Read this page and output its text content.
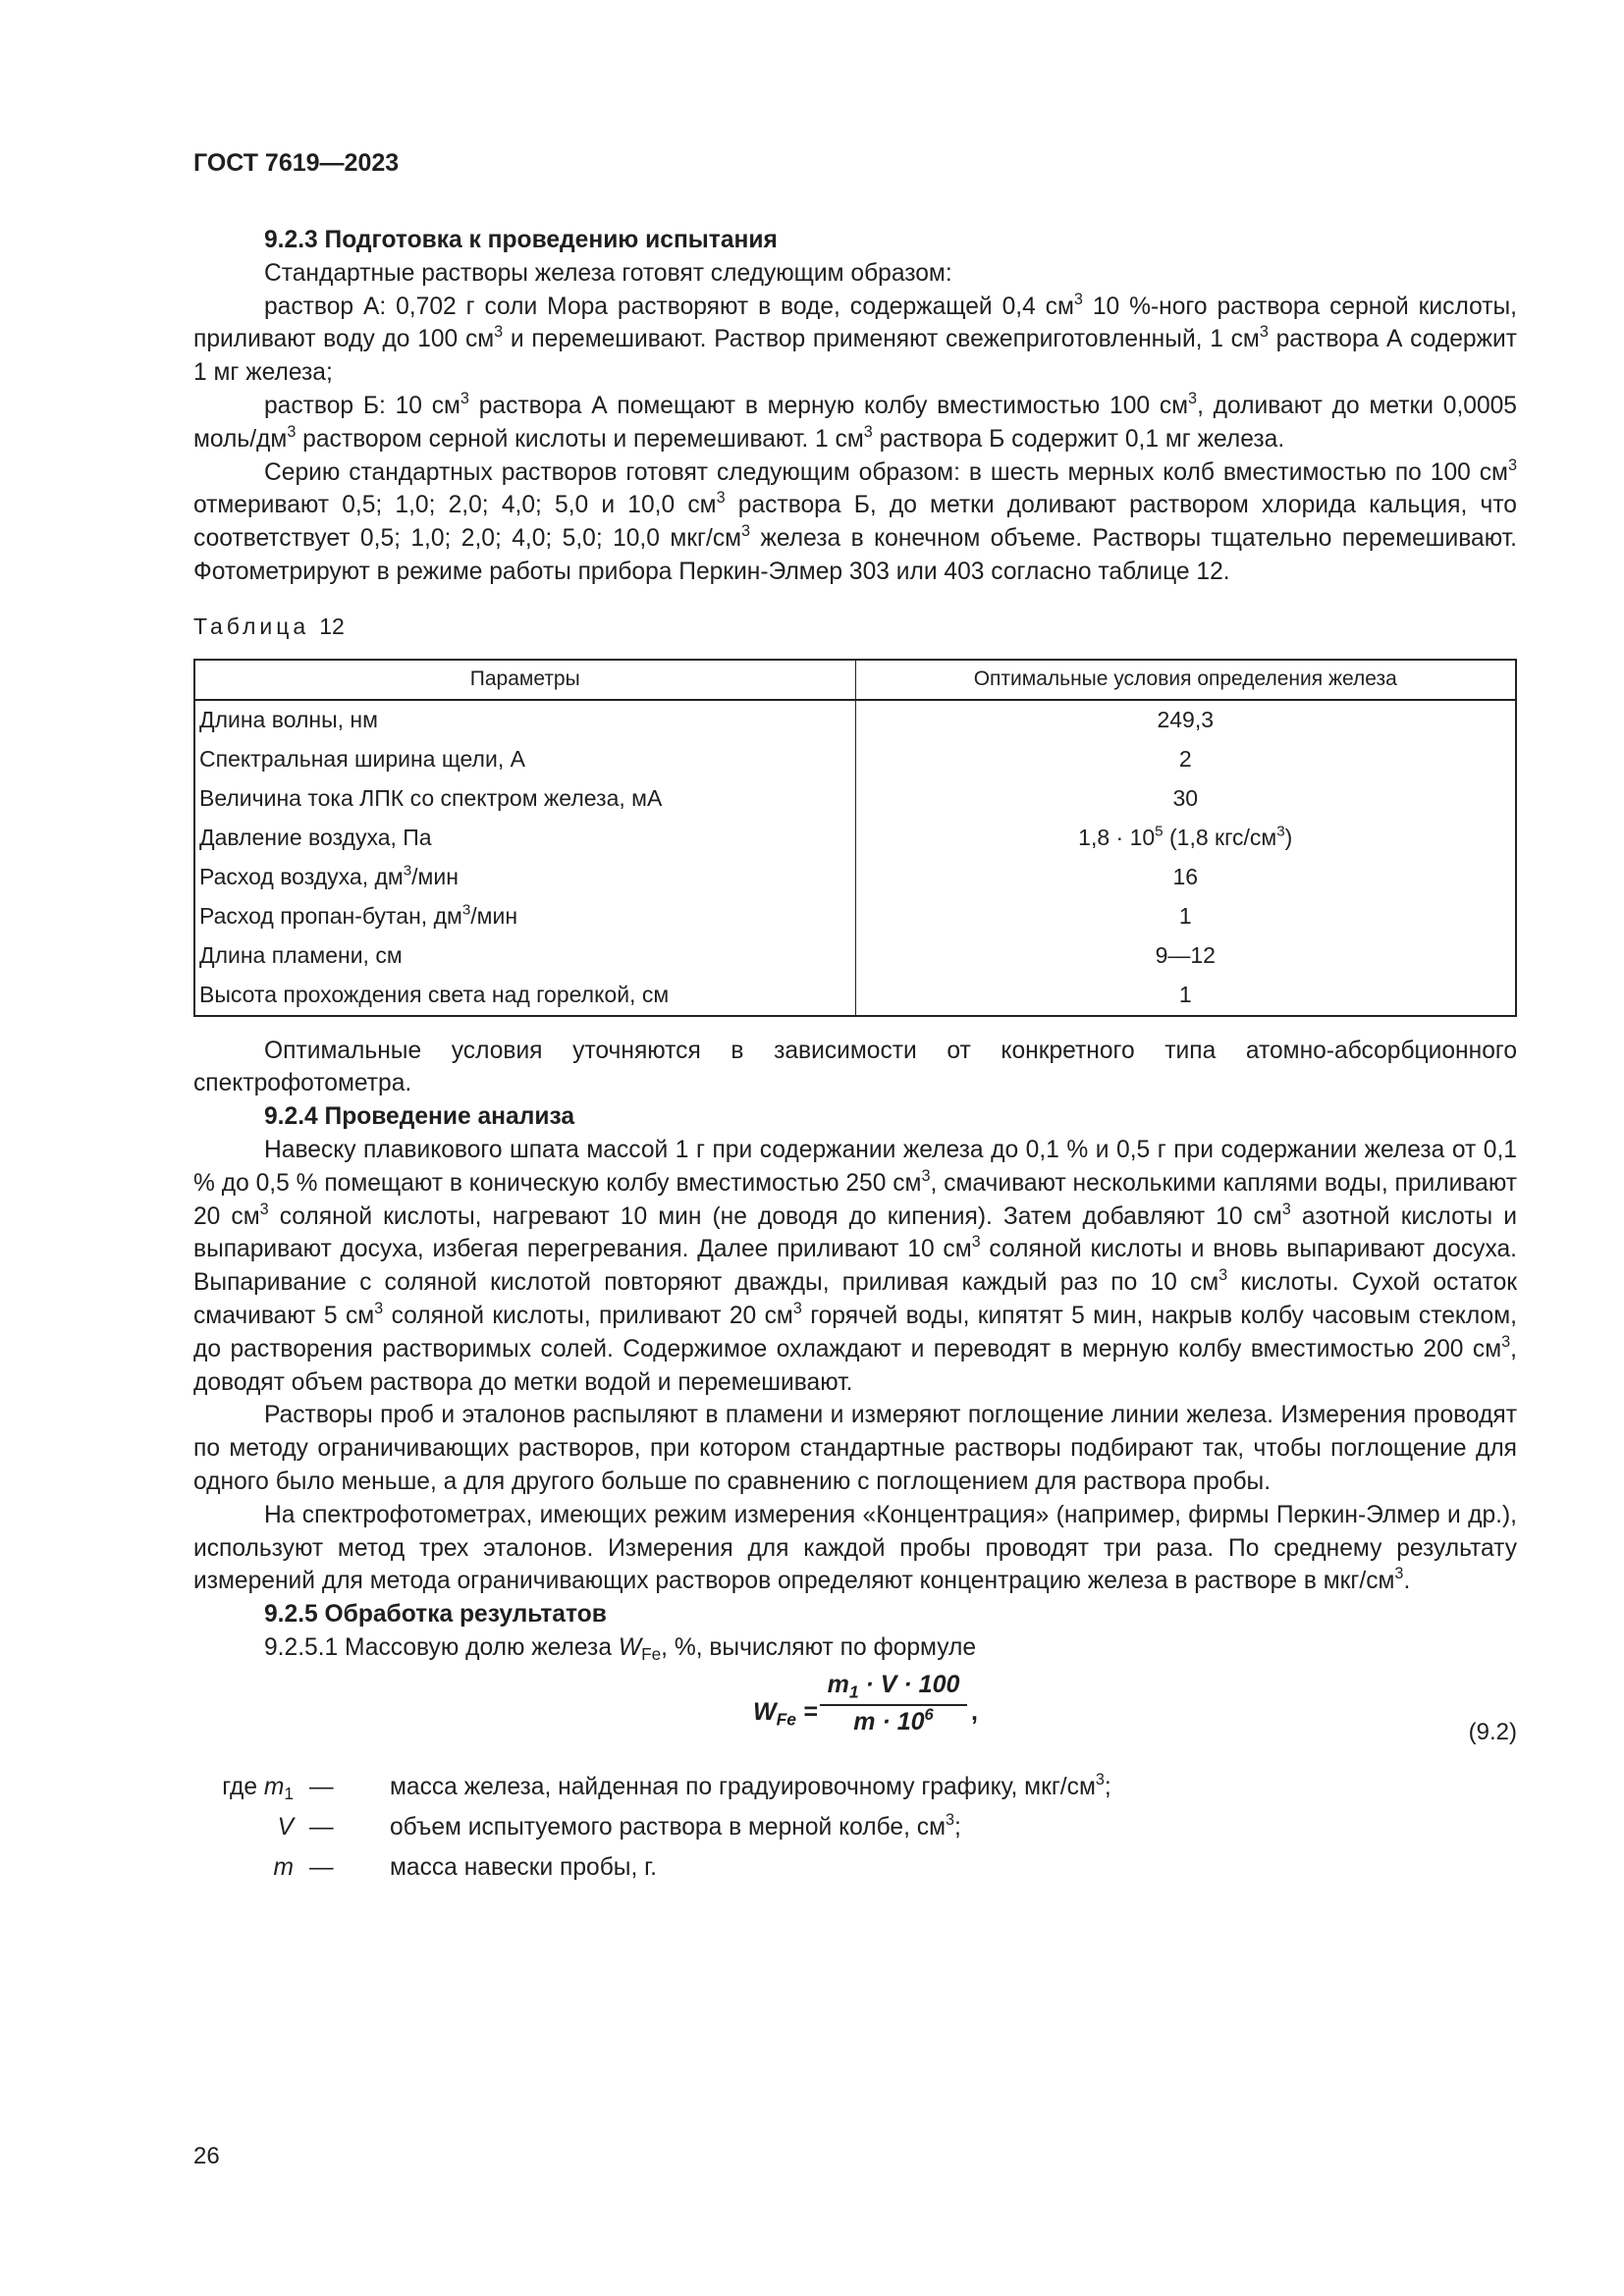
ГОСТ 7619—2023

9.2.3 Подготовка к проведению испытания

Стандартные растворы железа готовят следующим образом:

раствор А: 0,702 г соли Мора растворяют в воде, содержащей 0,4 $см^3$ 10 %-ного раствора серной кислоты, приливают воду до 100 $см^3$ и перемешивают. Раствор применяют свежеприготовленный, 1 $см^3$ раствора А содержит 1 мг железа;

раствор Б: 10 $см^3$ раствора А помещают в мерную колбу вместимостью 100 $см^3$, доливают до метки 0,0005 моль/$дм^3$ раствором серной кислоты и перемешивают. 1 $см^3$ раствора Б содержит 0,1 мг железа.

Серию стандартных растворов готовят следующим образом: в шесть мерных колб вместимостью по 100 $см^3$ отмеривают 0,5; 1,0; 2,0; 4,0; 5,0 и 10,0 $см^3$ раствора Б, до метки доливают раствором хлорида кальция, что соответствует 0,5; 1,0; 2,0; 4,0; 5,0; 10,0 мкг/$см^3$ железа в конечном объеме. Растворы тщательно перемешивают. Фотометрируют в режиме работы прибора Перкин-Элмер 303 или 403 согласно таблице 12.

Таблица 12
Параметры	Оптимальные условия определения железа
Длина волны, нм	249,3
Спектральная ширина щели, А	2
Величина тока ЛПК со спектром железа, мА	30
Давление воздуха, Па	$1,8 \cdot 10^5$ (1,8 кгс/$см^3$)
Расход воздуха, $дм^3$/мин	16
Расход пропан-бутан, $дм^3$/мин	1
Длина пламени, см	9—12
Высота прохождения света над горелкой, см	1

Оптимальные условия уточняются в зависимости от конкретного типа атомно-абсорбционного спектрофотометра.

9.2.4 Проведение анализа

Навеску плавикового шпата массой 1 г при содержании железа до 0,1 % и 0,5 г при содержании железа от 0,1 % до 0,5 % помещают в коническую колбу вместимостью 250 $см^3$, смачивают несколькими каплями воды, приливают 20 $см^3$ соляной кислоты, нагревают 10 мин (не доводя до кипения). Затем добавляют 10 $см^3$ азотной кислоты и выпаривают досуха, избегая перегревания. Далее приливают 10 $см^3$ соляной кислоты и вновь выпаривают досуха. Выпаривание с соляной кислотой повторяют дважды, приливая каждый раз по 10 $см^3$ кислоты. Сухой остаток смачивают 5 $см^3$ соляной кислоты, приливают 20 $см^3$ горячей воды, кипятят 5 мин, накрыв колбу часовым стеклом, до растворения растворимых солей. Содержимое охлаждают и переводят в мерную колбу вместимостью 200 $см^3$, доводят объем раствора до метки водой и перемешивают.

Растворы проб и эталонов распыляют в пламени и измеряют поглощение линии железа. Измерения проводят по методу ограничивающих растворов, при котором стандартные растворы подбирают так, чтобы поглощение для одного было меньше, а для другого больше по сравнению с поглощением для раствора пробы.

На спектрофотометрах, имеющих режим измерения «Концентрация» (например, фирмы Перкин-Элмер и др.), используют метод трех эталонов. Измерения для каждой пробы проводят три раза. По среднему результату измерений для метода ограничивающих растворов определяют концентрацию железа в растворе в мкг/$см^3$.

9.2.5 Обработка результатов

9.2.5.1 Массовую долю железа $W_{Fe}$, %, вычисляют по формуле

$W_{Fe} = \frac{m_1 \cdot V \cdot 100}{m \cdot 10^6}$ ,
(9.2)
где $m_1$ — масса железа, найденная по градуировочному графику, мкг/$см^3$;
V — объем испытуемого раствора в мерной колбе, $см^3$;
m — масса навески пробы, г.
26
